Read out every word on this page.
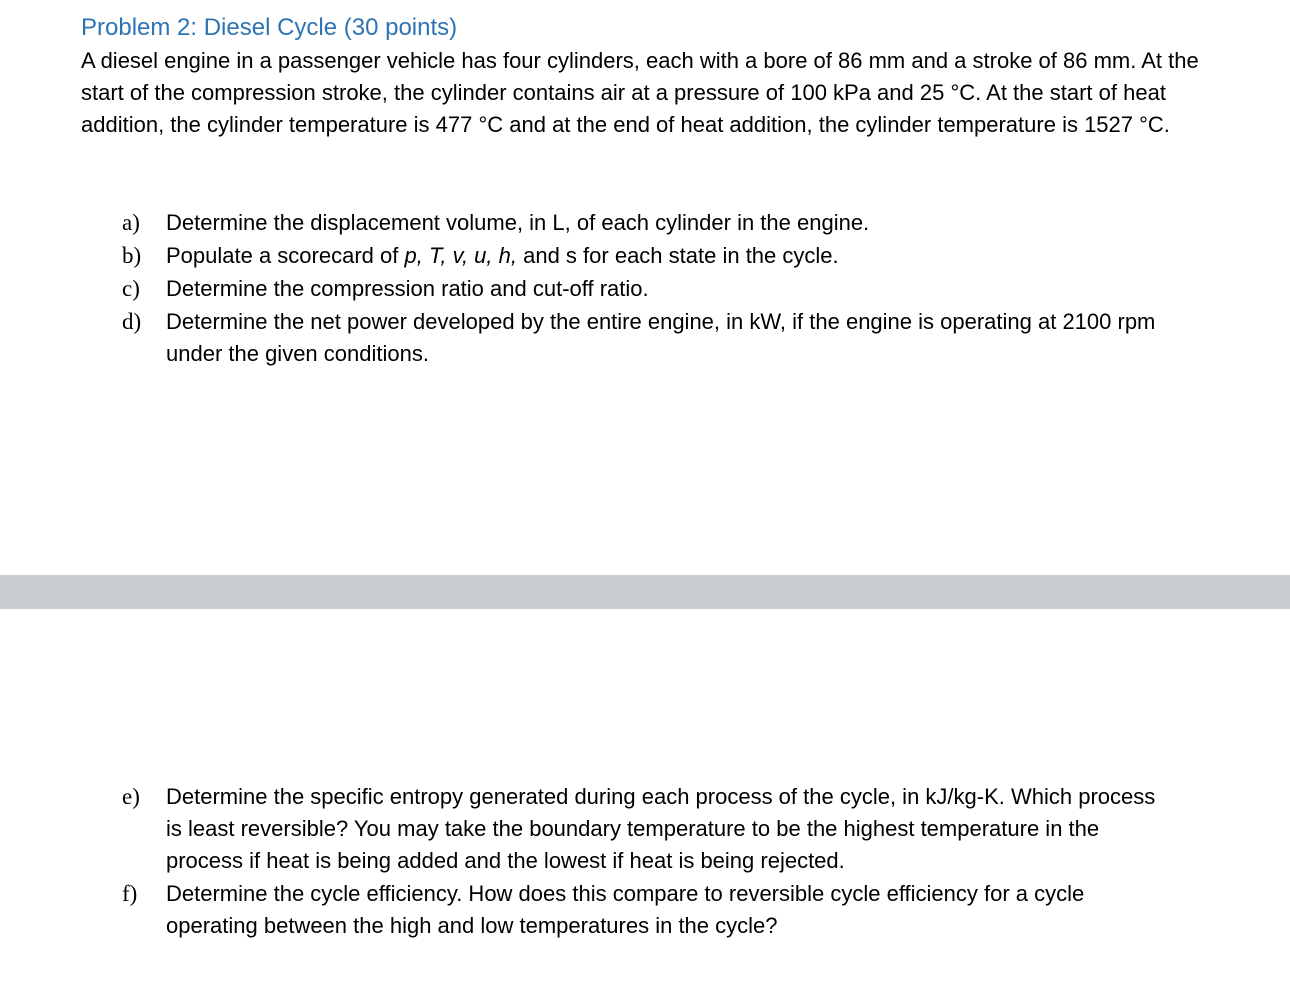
Problem 2: Diesel Cycle (30 points)
A diesel engine in a passenger vehicle has four cylinders, each with a bore of 86 mm and a stroke of 86 mm. At the start of the compression stroke, the cylinder contains air at a pressure of 100 kPa and 25 °C. At the start of heat addition, the cylinder temperature is 477 °C and at the end of heat addition, the cylinder temperature is 1527 °C.
a) Determine the displacement volume, in L, of each cylinder in the engine.
b) Populate a scorecard of p, T, v, u, h, and s for each state in the cycle.
c) Determine the compression ratio and cut-off ratio.
d) Determine the net power developed by the entire engine, in kW, if the engine is operating at 2100 rpm under the given conditions.
e) Determine the specific entropy generated during each process of the cycle, in kJ/kg-K. Which process is least reversible? You may take the boundary temperature to be the highest temperature in the process if heat is being added and the lowest if heat is being rejected.
f) Determine the cycle efficiency. How does this compare to reversible cycle efficiency for a cycle operating between the high and low temperatures in the cycle?
